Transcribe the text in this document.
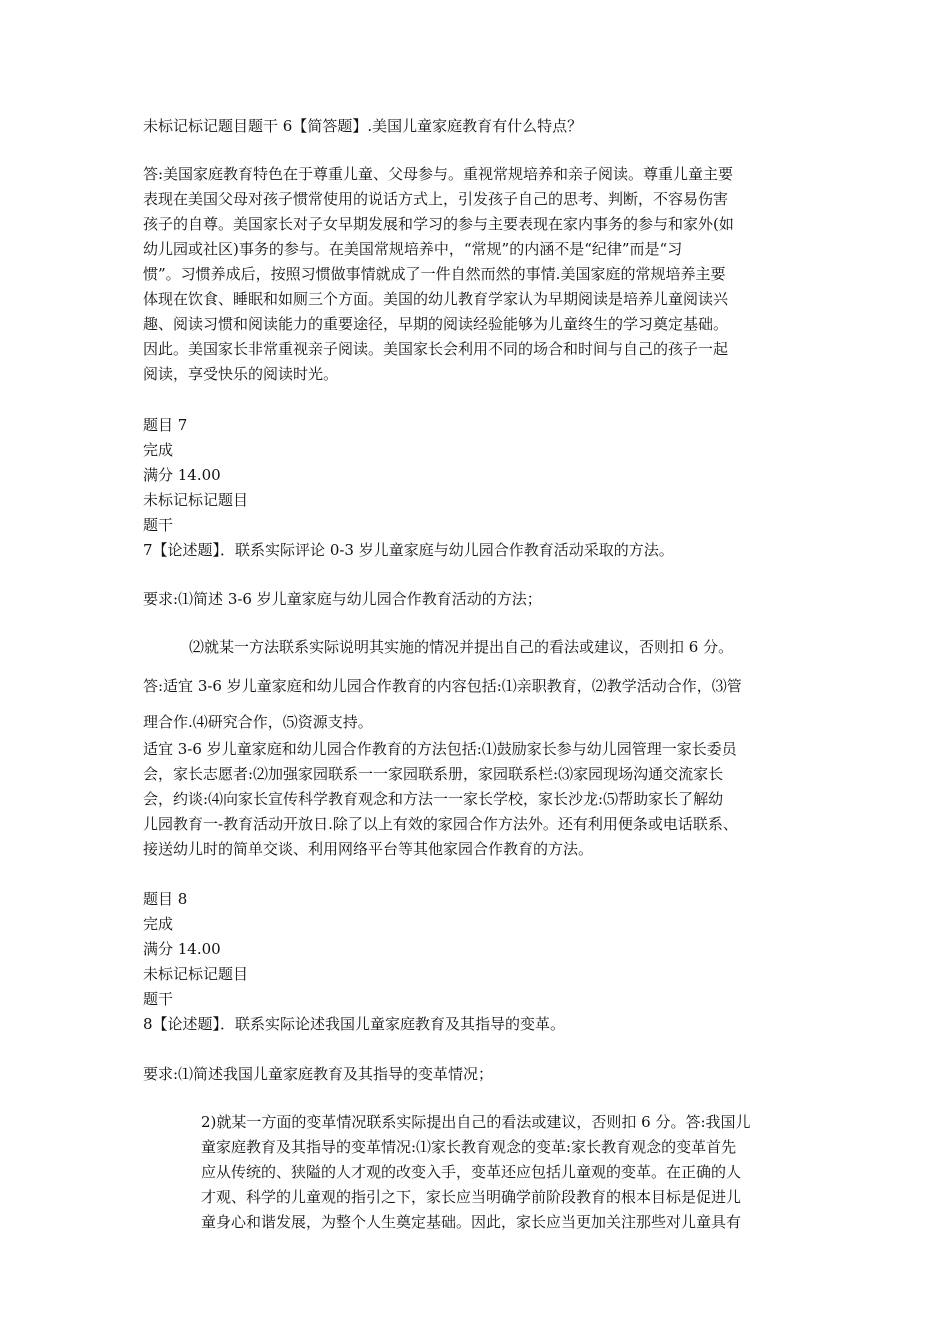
未标记标记题目题干 6【简答题】.美国儿童家庭教育有什么特点？
答:美国家庭教育特色在于尊重儿童、父母参与。重视常规培养和亲子阅读。尊重儿童主要
表现在美国父母对孩子惯常使用的说话方式上，引发孩子自己的思考、判断，不容易伤害
孩子的自尊。美国家长对子女早期发展和学习的参与主要表现在家内事务的参与和家外(如
幼儿园或社区)事务的参与。在美国常规培养中，“常规”的内涵不是“纪律”而是“习
惯”。习惯养成后，按照习惯做事情就成了一件自然而然的事情.美国家庭的常规培养主要
体现在饮食、睡眠和如厕三个方面。美国的幼儿教育学家认为早期阅读是培养儿童阅读兴
趣、阅读习惯和阅读能力的重要途径，早期的阅读经验能够为儿童终生的学习奠定基础。
因此。美国家长非常重视亲子阅读。美国家长会利用不同的场合和时间与自己的孩子一起
阅读，享受快乐的阅读时光。
题目 7
完成
满分 14.00
未标记标记题目
题干
7【论述题】．联系实际评论 0-3 岁儿童家庭与幼儿园合作教育活动采取的方法。
要求:⑴简述 3-6 岁儿童家庭与幼儿园合作教育活动的方法；
⑵就某一方法联系实际说明其实施的情况并提出自己的看法或建议，否则扣 6 分。
答:适宜 3-6 岁儿童家庭和幼儿园合作教育的内容包括:⑴亲职教育，⑵教学活动合作，⑶管
理合作.⑷研究合作，⑸资源支持。
适宜 3-6 岁儿童家庭和幼儿园合作教育的方法包括:⑴鼓励家长参与幼儿园管理一家长委员
会，家长志愿者:⑵加强家园联系一一家园联系册，家园联系栏:⑶家园现场沟通交流家长
会，约谈:⑷向家长宣传科学教育观念和方法一一家长学校，家长沙龙:⑸帮助家长了解幼
儿园教育一-教育活动开放日.除了以上有效的家园合作方法外。还有利用便条或电话联系、
接送幼儿时的简单交谈、利用网络平台等其他家园合作教育的方法。
题目 8
完成
满分 14.00
未标记标记题目
题干
8【论述题】．联系实际论述我国儿童家庭教育及其指导的变革。
要求:⑴简述我国儿童家庭教育及其指导的变革情况；
2)就某一方面的变革情况联系实际提出自己的看法或建议，否则扣 6 分。答:我国儿
童家庭教育及其指导的变革情况:⑴家长教育观念的变革:家长教育观念的变革首先
应从传统的、狭隘的人才观的改变入手，变革还应包括儿童观的变革。在正确的人
才观、科学的儿童观的指引之下，家长应当明确学前阶段教育的根本目标是促进儿
童身心和谐发展，为整个人生奠定基础。因此，家长应当更加关注那些对儿童具有
